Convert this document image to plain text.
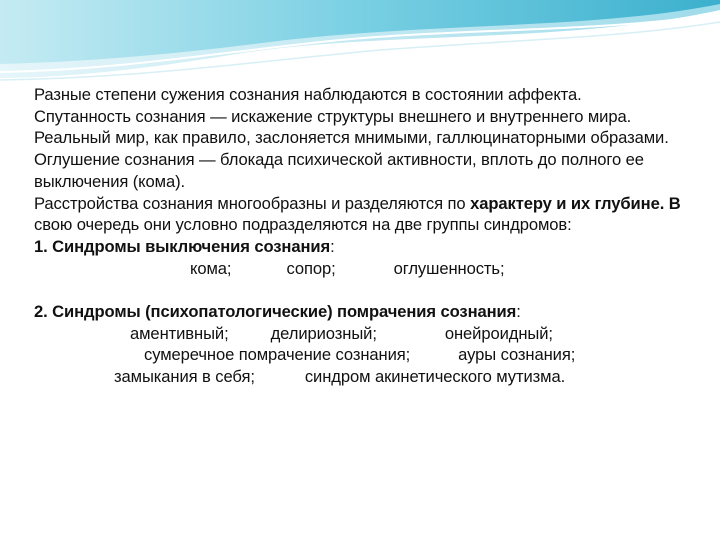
Разные степени сужения сознания наблюдаются в состоянии аффекта.

Спутанность сознания — искажение структуры внешнего и внутреннего мира. Реальный мир, как правило, заслоняется мнимыми, галлюцинаторными образами.

Оглушение сознания — блокада психической активности, вплоть до полного ее выключения (кома).

Расстройства сознания многообразны и разделяются по характеру и их глубине. В свою очередь они условно подразделяются на две группы синдромов:

1. Синдромы выключения сознания:

кома;	сопор;	оглушенность;

2. Синдромы (психопатологические) помрачения сознания:

аментивный;	делириозный;	онейроидный;
сумеречное помрачение сознания;	ауры сознания;
замыкания в себя;	синдром акинетического мутизма.
